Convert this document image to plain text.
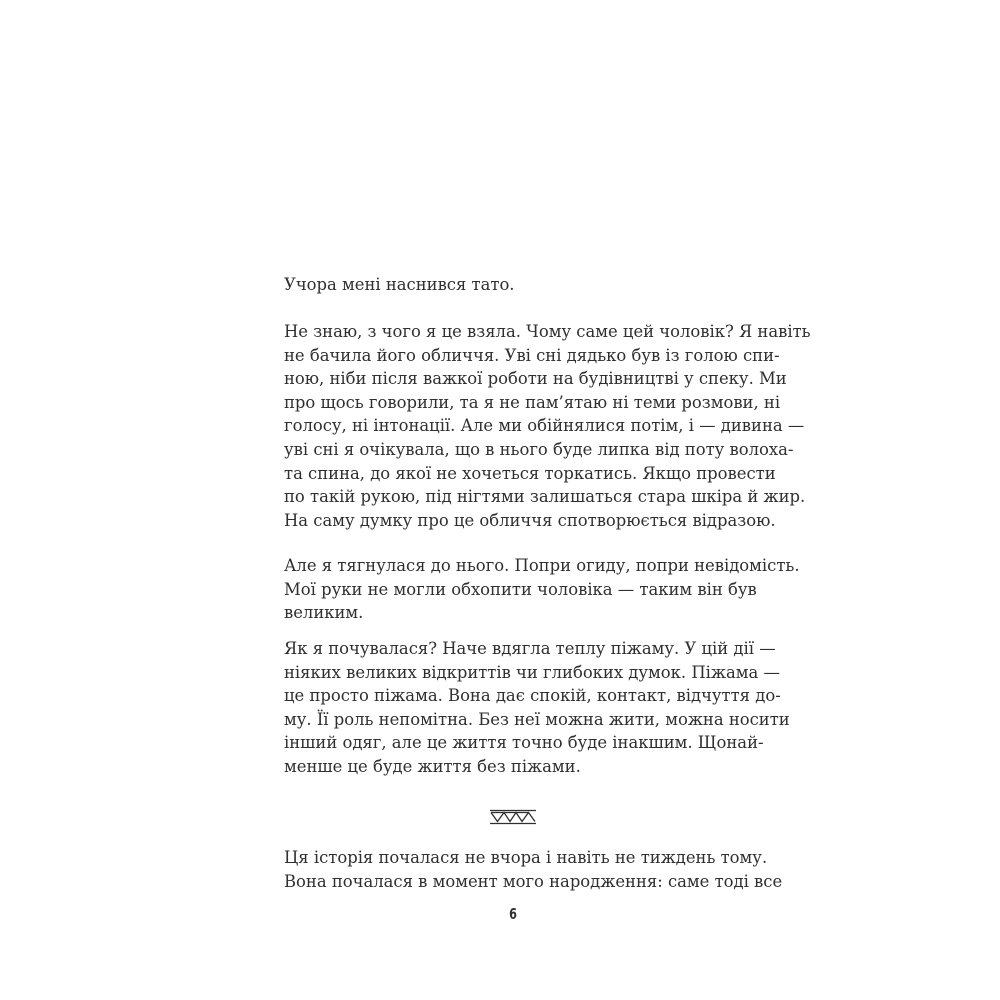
Учора мені наснився тато.
Не знаю, з чого я це взяла. Чому саме цей чоловік? Я навіть
не бачила його обличчя. Уві сні дядько був із голою спи-
ною, ніби після важкої роботи на будівництві у спеку. Ми
про щось говорили, та я не пам’ятаю ні теми розмови, ні
голосу, ні інтонації. Але ми обійнялися потім, і — дивина —
уві сні я очікувала, що в нього буде липка від поту волоха-
та спина, до якої не хочеться торкатись. Якщо провести
по такій рукою, під нігтями залишаться стара шкіра й жир.
На саму думку про це обличчя спотворюється відразою.
Але я тягнулася до нього. Попри огиду, попри невідомість.
Мої руки не могли обхопити чоловіка — таким він був
великим.
Як я почувалася? Наче вдягла теплу піжаму. У цій дії —
ніяких великих відкриттів чи глибоких думок. Піжама —
це просто піжама. Вона дає спокій, контакт, відчуття до-
му. Її роль непомітна. Без неї можна жити, можна носити
інший одяг, але це життя точно буде інакшим. Щонай-
менше це буде життя без піжами.
Ця історія почалася не вчора і навіть не тиждень тому.
Вона почалася в момент мого народження: саме тоді все
6
